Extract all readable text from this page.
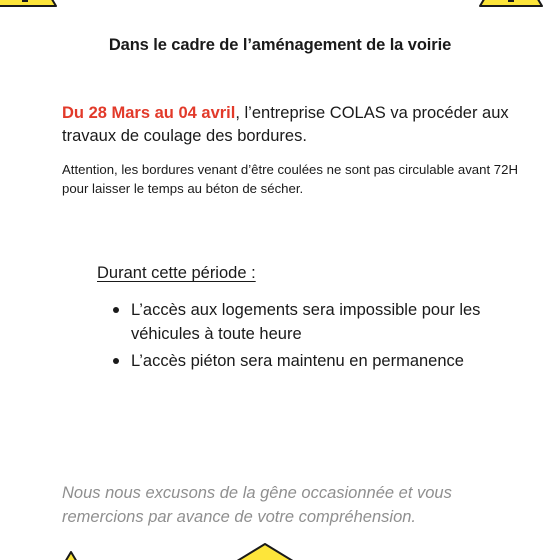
Dans le cadre de l’aménagement de la voirie

Du 28 Mars au 04 avril, l’entreprise COLAS va procéder aux travaux de coulage des bordures.

Attention, les bordures venant d’être coulées ne sont pas circulable avant 72H pour laisser le temps au béton de sécher.

Durant cette période :
L’accès aux logements sera impossible pour les véhicules à toute heure
L’accès piéton sera maintenu en permanence

Nous nous excusons de la gêne occasionnée et vous remercions par avance de votre compréhension.
